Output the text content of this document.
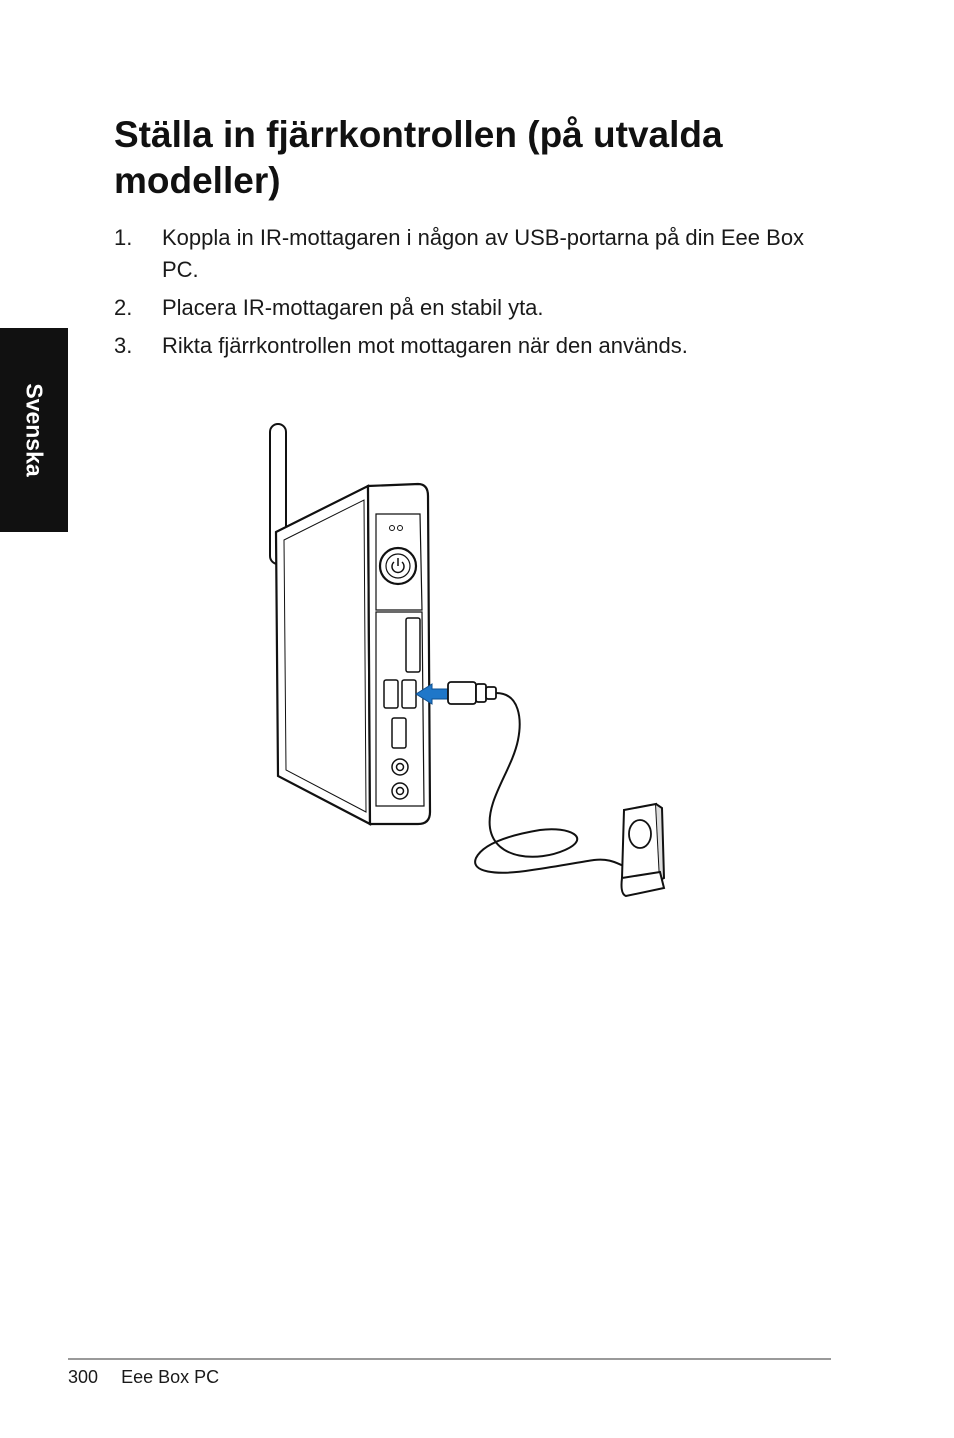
Svenska
Ställa in fjärrkontrollen (på utvalda modeller)
1.	Koppla in IR-mottagaren i någon av USB-portarna på din Eee Box PC.
2.	Placera IR-mottagaren på en stabil yta.
3.	Rikta fjärrkontrollen mot mottagaren när den används.
300 Eee Box PC
